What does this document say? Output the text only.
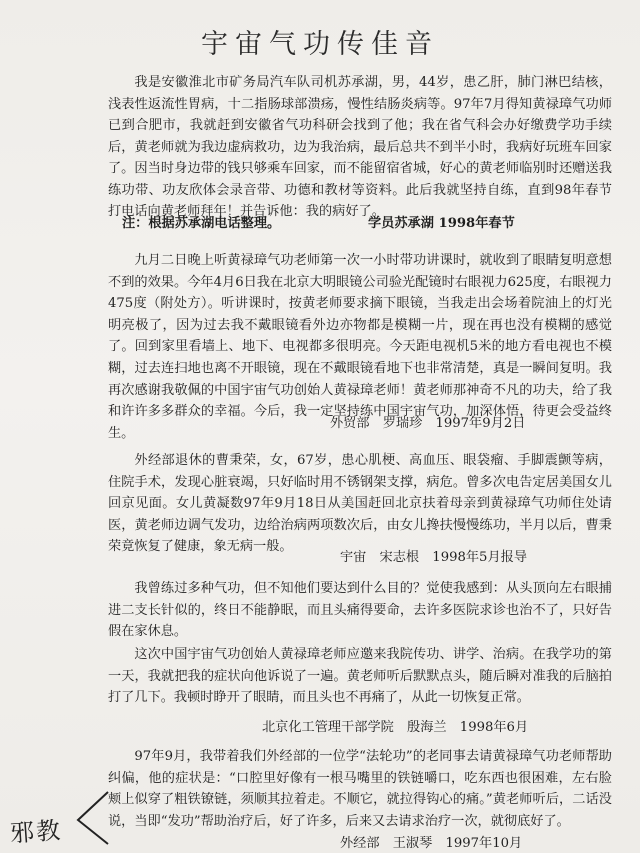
宇宙气功传佳音

我是安徽淮北市矿务局汽车队司机苏承湖，男，44岁，患乙肝，肺门淋巴结核，浅表性返流性胃病，十二指肠球部溃疡，慢性结肠炎病等。97年7月得知黄禄璋气功师已到合肥市，我就赶到安徽省气功科研会找到了他；我在省气科会办好缴费学功手续后，黄老师就为我边虚病救功，边为我治病，最后总共不到半小时，我病好玩班车回家了。 因当时身边带的钱只够乘车回家，而不能留宿省城，好心的黄老师临别时还赠送我练功带、功友欣体会录音带、功德和教材等资料。此后我就坚持自练，直到98年春节打电话向黄老师拜年！并告诉他：我的病好了。

注：根据苏承湖电话整理。	学员苏承湖 1998年春节

九月二日晚上听黄禄璋气功老师第一次一小时带功讲课时，就收到了眼睛复明意想不到的效果。今年4月6日我在北京大明眼镜公司验光配镜时右眼视力625度，右眼视力475度（附处方）。听讲课时，按黄老师要求摘下眼镜，当我走出会场着院油上的灯光明亮极了，因为过去我不戴眼镜看外边亦物都是模糊一片，现在再也没有模糊的感觉了。回到家里看墙上、地下、电视都多很明亮。今天距电视机5米的地方看电视也不模糊，过去连扫地也离不开眼镜，现在不戴眼镜看地下也非常清楚，真是一瞬间复明。我再次感谢我敬佩的中国宇宙气功创始人黄禄璋老师！黄老师那神奇不凡的功夫，给了我和许许多多群众的幸福。今后，我一定坚持练中国宇宙气功，加深体悟，待更会受益终生。

外贸部　罗瑞珍　1997年9月2日

外经部退休的曹秉荣，女，67岁，患心肌梗、高血压、眼袋瘤、手脚震颤等病，住院手术，发现心脏衰竭，只好临时用不锈钢架支撑，病危。曾多次电告定居美国女儿回京见面。女儿黄凝数97年9月18日从美国赶回北京扶着母亲到黄禄璋气功师住处请医，黄老师边调气发功，边给治病两项数次后，由女儿搀扶慢慢练功，半月以后，曹秉荣竟恢复了健康，象无病一般。

宇宙　宋志根　1998年5月报导

我曾练过多种气功，但不知他们要达到什么目的？觉使我感到：从头顶向左右眼捕进二支长针似的，终日不能静眠，而且头痛得要命，去许多医院求诊也治不了，只好告假在家休息。

这次中国宇宙气功创始人黄禄璋老师应邀来我院传功、讲学、治病。在我学功的第一天，我就把我的症状向他诉说了一遍。黄老师听后默默点头，随后瞬对准我的后脑拍打了几下。我顿时睁开了眼睛，而且头也不再痛了，从此一切恢复正常。

北京化工管理干部学院　殷海兰　1998年6月

97年9月，我带着我们外经部的一位学“法轮功”的老同事去请黄禄璋气功老师帮助纠偏，他的症状是：“口腔里好像有一根马嘴里的铁链嚼口，吃东西也很困难，左右脸颊上似穿了粗铁镣链，须顺其拉着走。不顺它，就拉得钩心的痛。”黄老师听后，二话没说，当即“发功”帮助治疗后，好了许多，后来又去请求治疗一次，就彻底好了。

外经部　王淑琴　1997年10月
邪教
